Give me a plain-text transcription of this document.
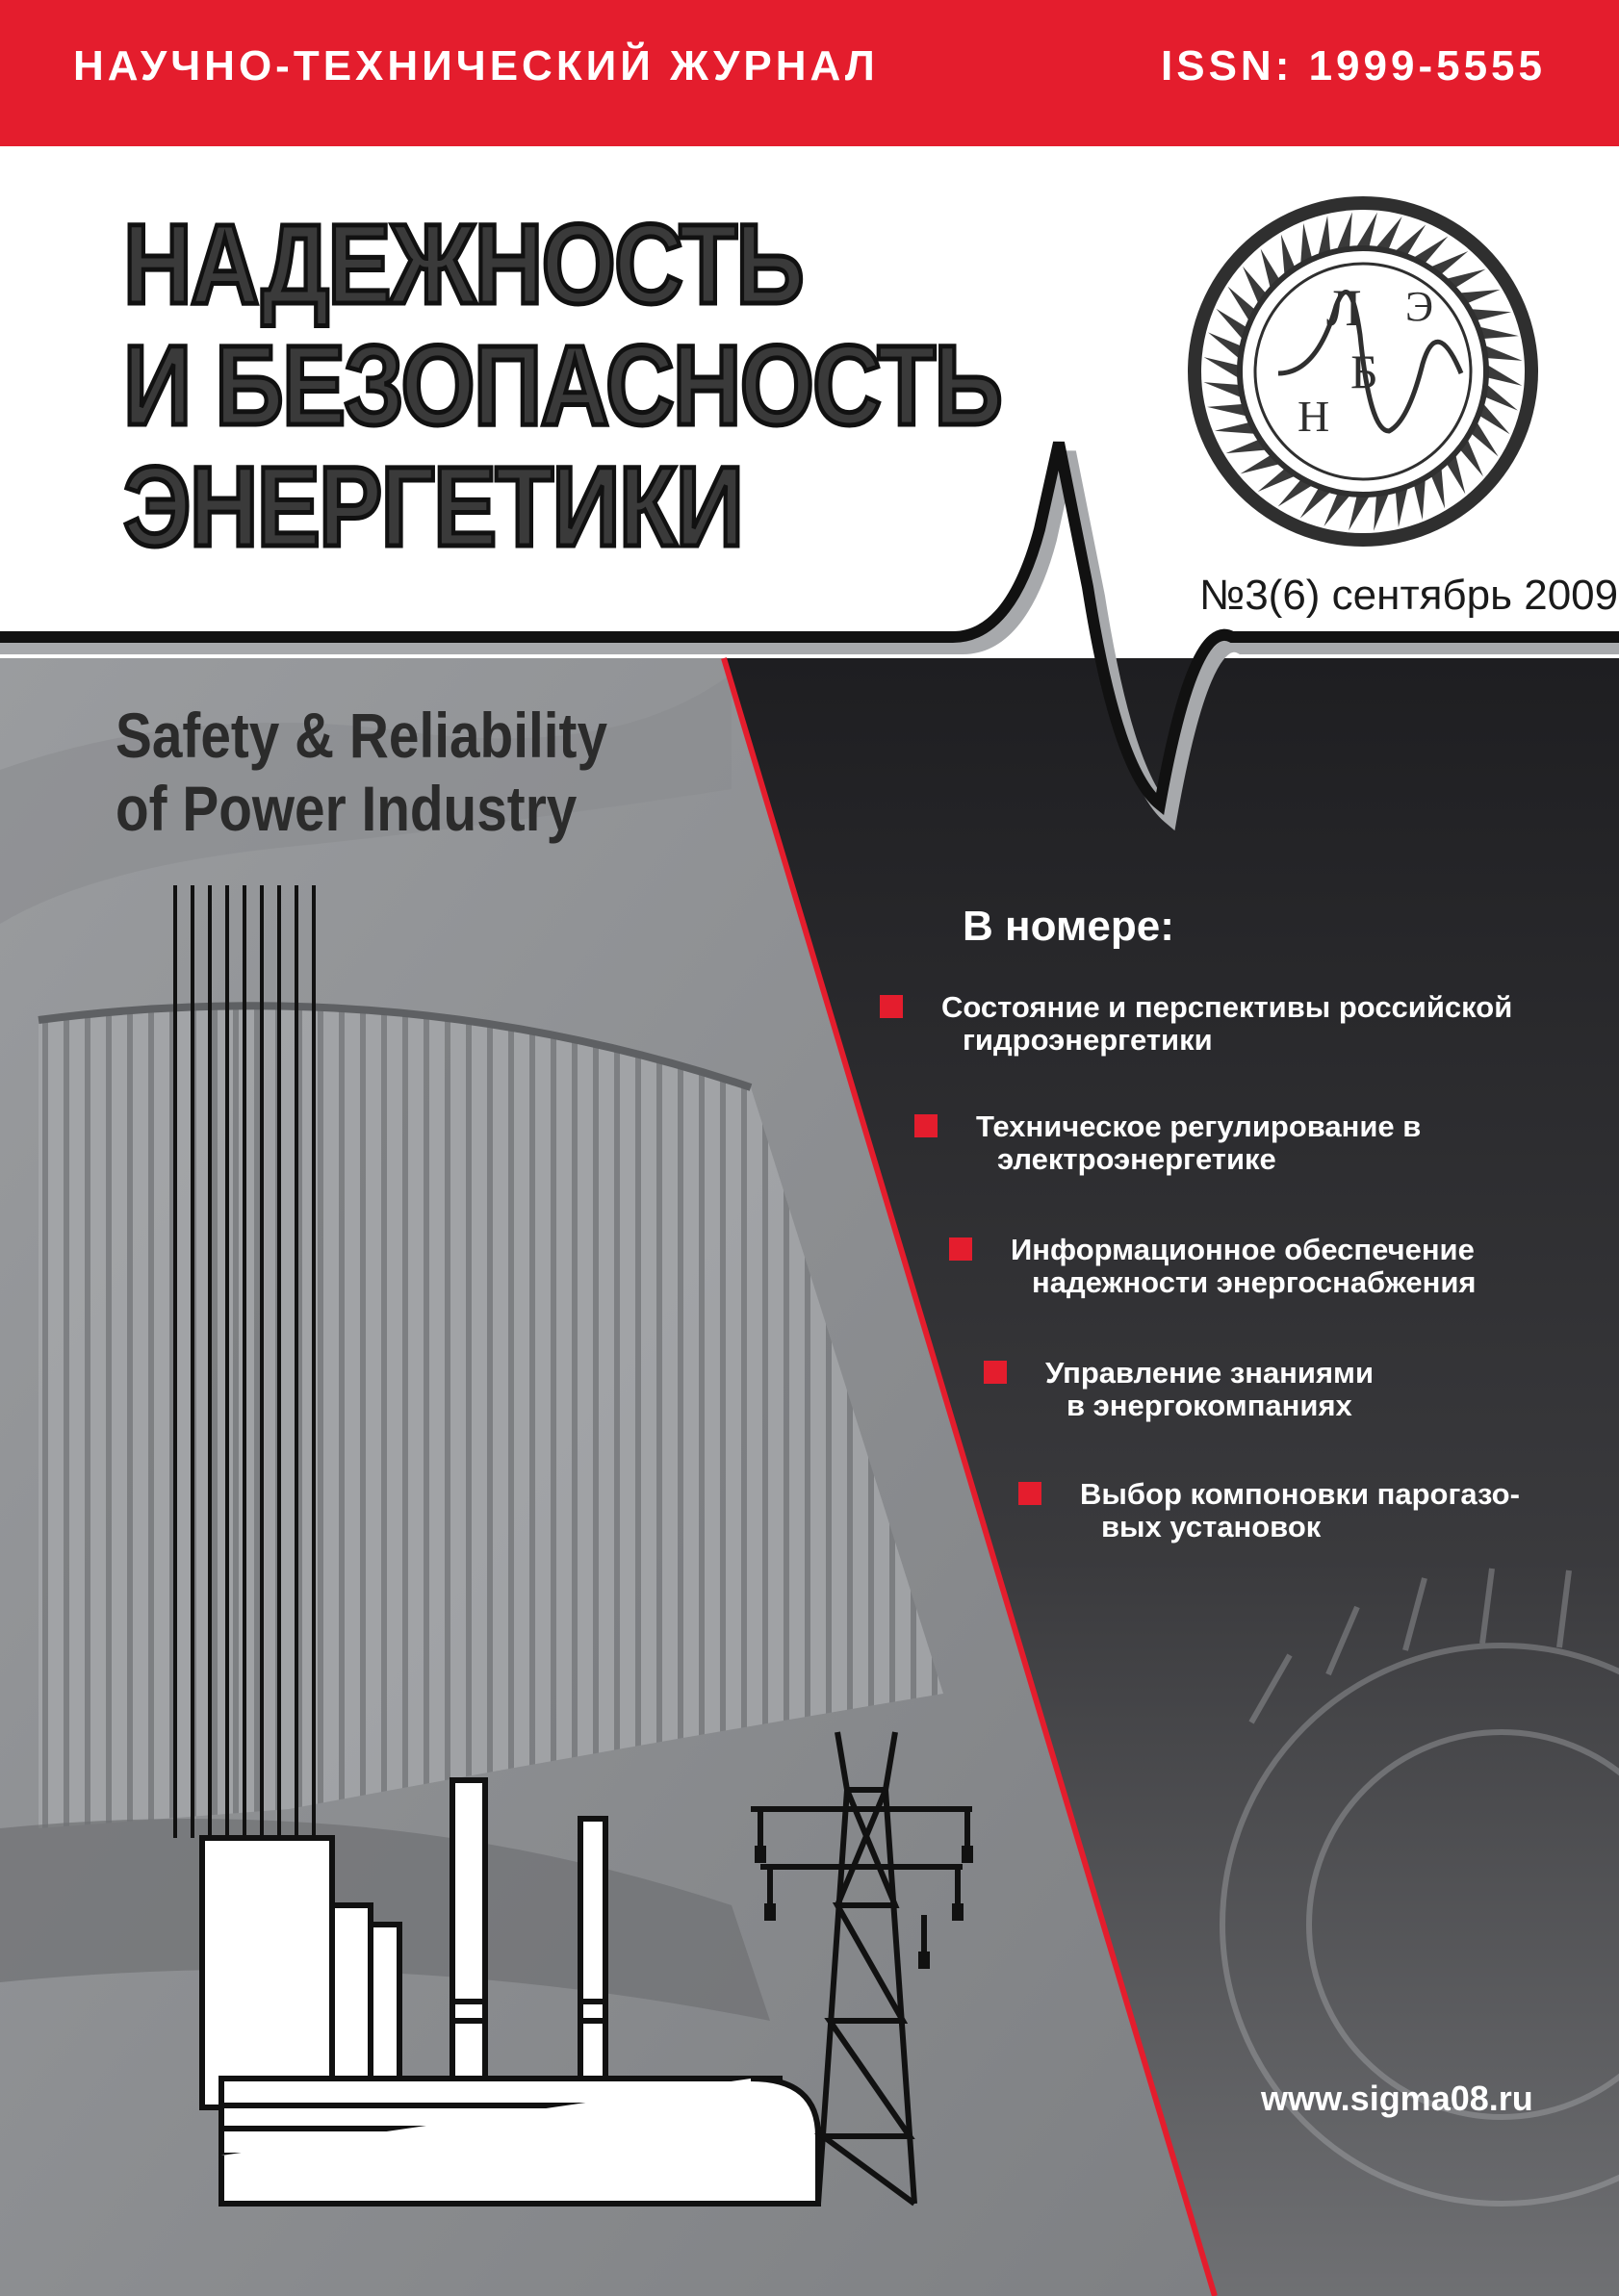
НАУЧНО-ТЕХНИЧЕСКИЙ ЖУРНАЛ	ISSN: 1999-5555
НАДЕЖНОСТЬ
И БЕЗОПАСНОСТЬ
ЭНЕРГЕТИКИ
Л
Б
Э
Н
№3(6) сентябрь 2009
Safety & Reliability
of Power Industry
В номере:
Состояние и перспективы российской
гидроэнергетики
Техническое регулирование в
электроэнергетике
Информационное обеспечение
надежности энергоснабжения
Управление знаниями
в энергокомпаниях
Выбор компоновки парогазо-
вых установок
www.sigma08.ru
